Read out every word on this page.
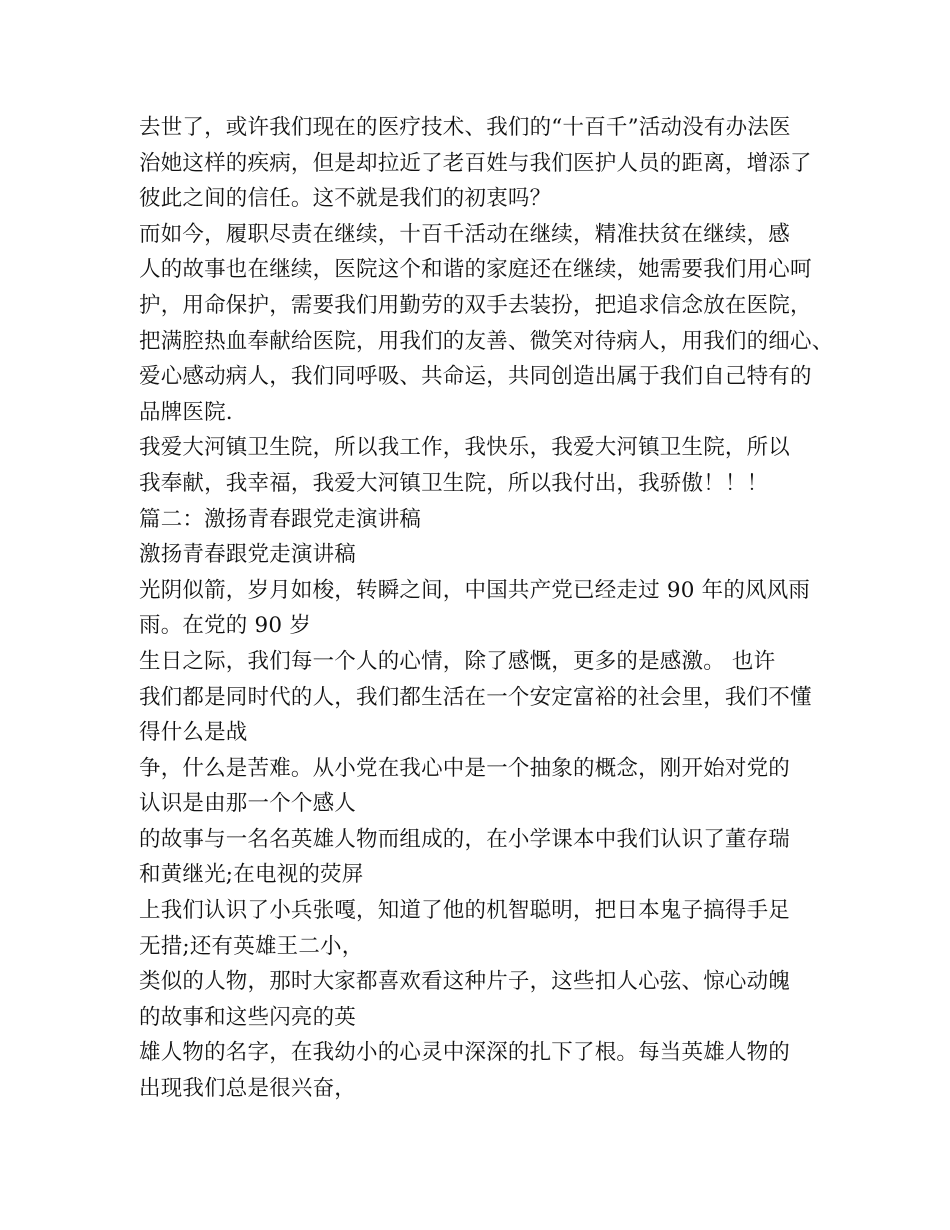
去世了，或许我们现在的医疗技术、我们的“十百千”活动没有办法医
治她这样的疾病，但是却拉近了老百姓与我们医护人员的距离，增添了
彼此之间的信任。这不就是我们的初衷吗？
而如今，履职尽责在继续，十百千活动在继续，精准扶贫在继续，感
人的故事也在继续，医院这个和谐的家庭还在继续，她需要我们用心呵
护，用命保护，需要我们用勤劳的双手去装扮，把追求信念放在医院，
把满腔热血奉献给医院，用我们的友善、微笑对待病人，用我们的细心、
爱心感动病人，我们同呼吸、共命运，共同创造出属于我们自己特有的
品牌医院.
我爱大河镇卫生院，所以我工作，我快乐，我爱大河镇卫生院，所以
我奉献，我幸福，我爱大河镇卫生院，所以我付出，我骄傲！！！
篇二：激扬青春跟党走演讲稿
激扬青春跟党走演讲稿
光阴似箭，岁月如梭，转瞬之间，中国共产党已经走过 90 年的风风雨
雨。在党的 90 岁
生日之际，我们每一个人的心情，除了感慨，更多的是感激。 也许
我们都是同时代的人，我们都生活在一个安定富裕的社会里，我们不懂
得什么是战
争，什么是苦难。从小党在我心中是一个抽象的概念，刚开始对党的
认识是由那一个个感人
的故事与一名名英雄人物而组成的，在小学课本中我们认识了董存瑞
和黄继光;在电视的荧屏
上我们认识了小兵张嘎，知道了他的机智聪明，把日本鬼子搞得手足
无措;还有英雄王二小，
类似的人物，那时大家都喜欢看这种片子，这些扣人心弦、惊心动魄
的故事和这些闪亮的英
雄人物的名字，在我幼小的心灵中深深的扎下了根。每当英雄人物的
出现我们总是很兴奋，
